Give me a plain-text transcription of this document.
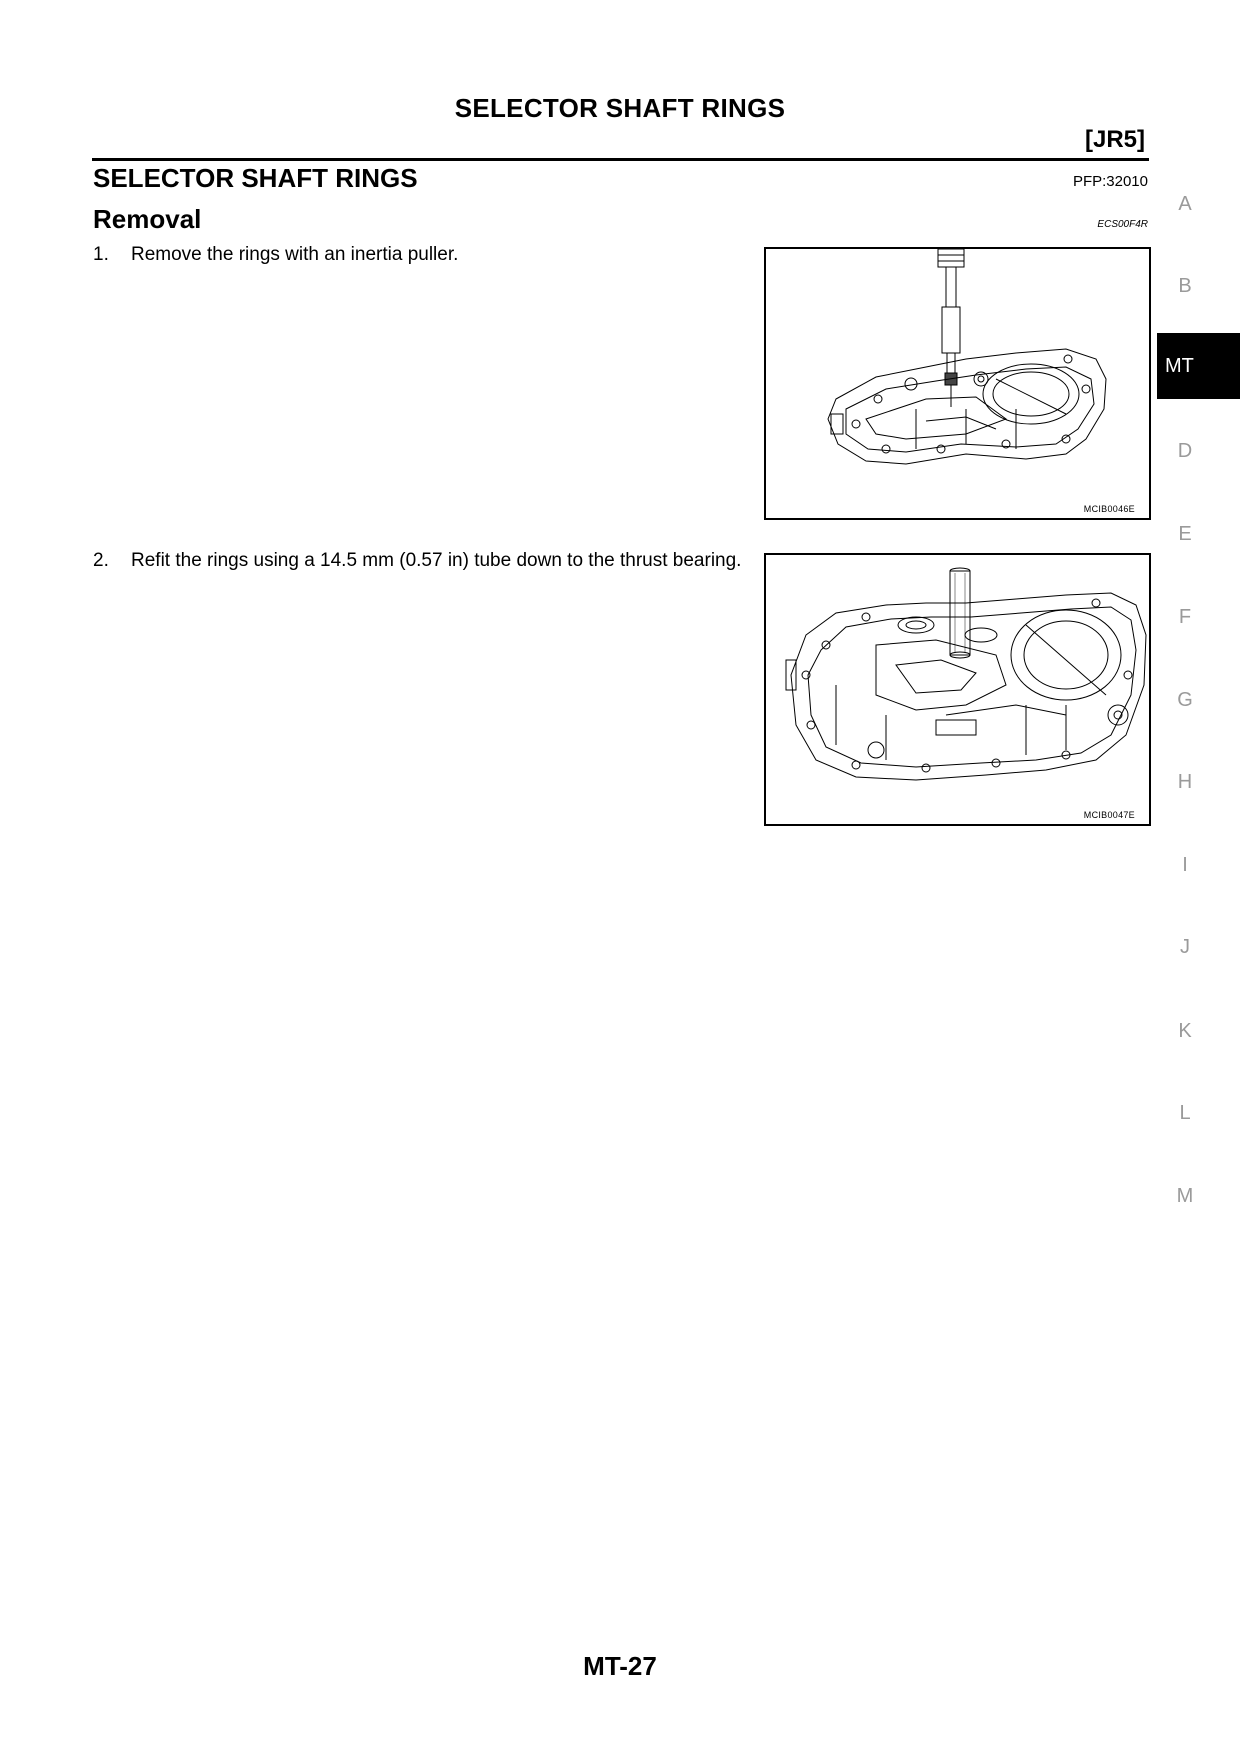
SELECTOR SHAFT RINGS
[JR5]
SELECTOR SHAFT RINGS	PFP:32010
Removal	ECS00F4R
1. Remove the rings with an inertia puller.
2. Refit the rings using a 14.5 mm (0.57 in) tube down to the thrust bearing.
MCIB0046E
MCIB0047E
A
B
D
E
F
G
H
I
J
K
L
M
MT
MT-27
